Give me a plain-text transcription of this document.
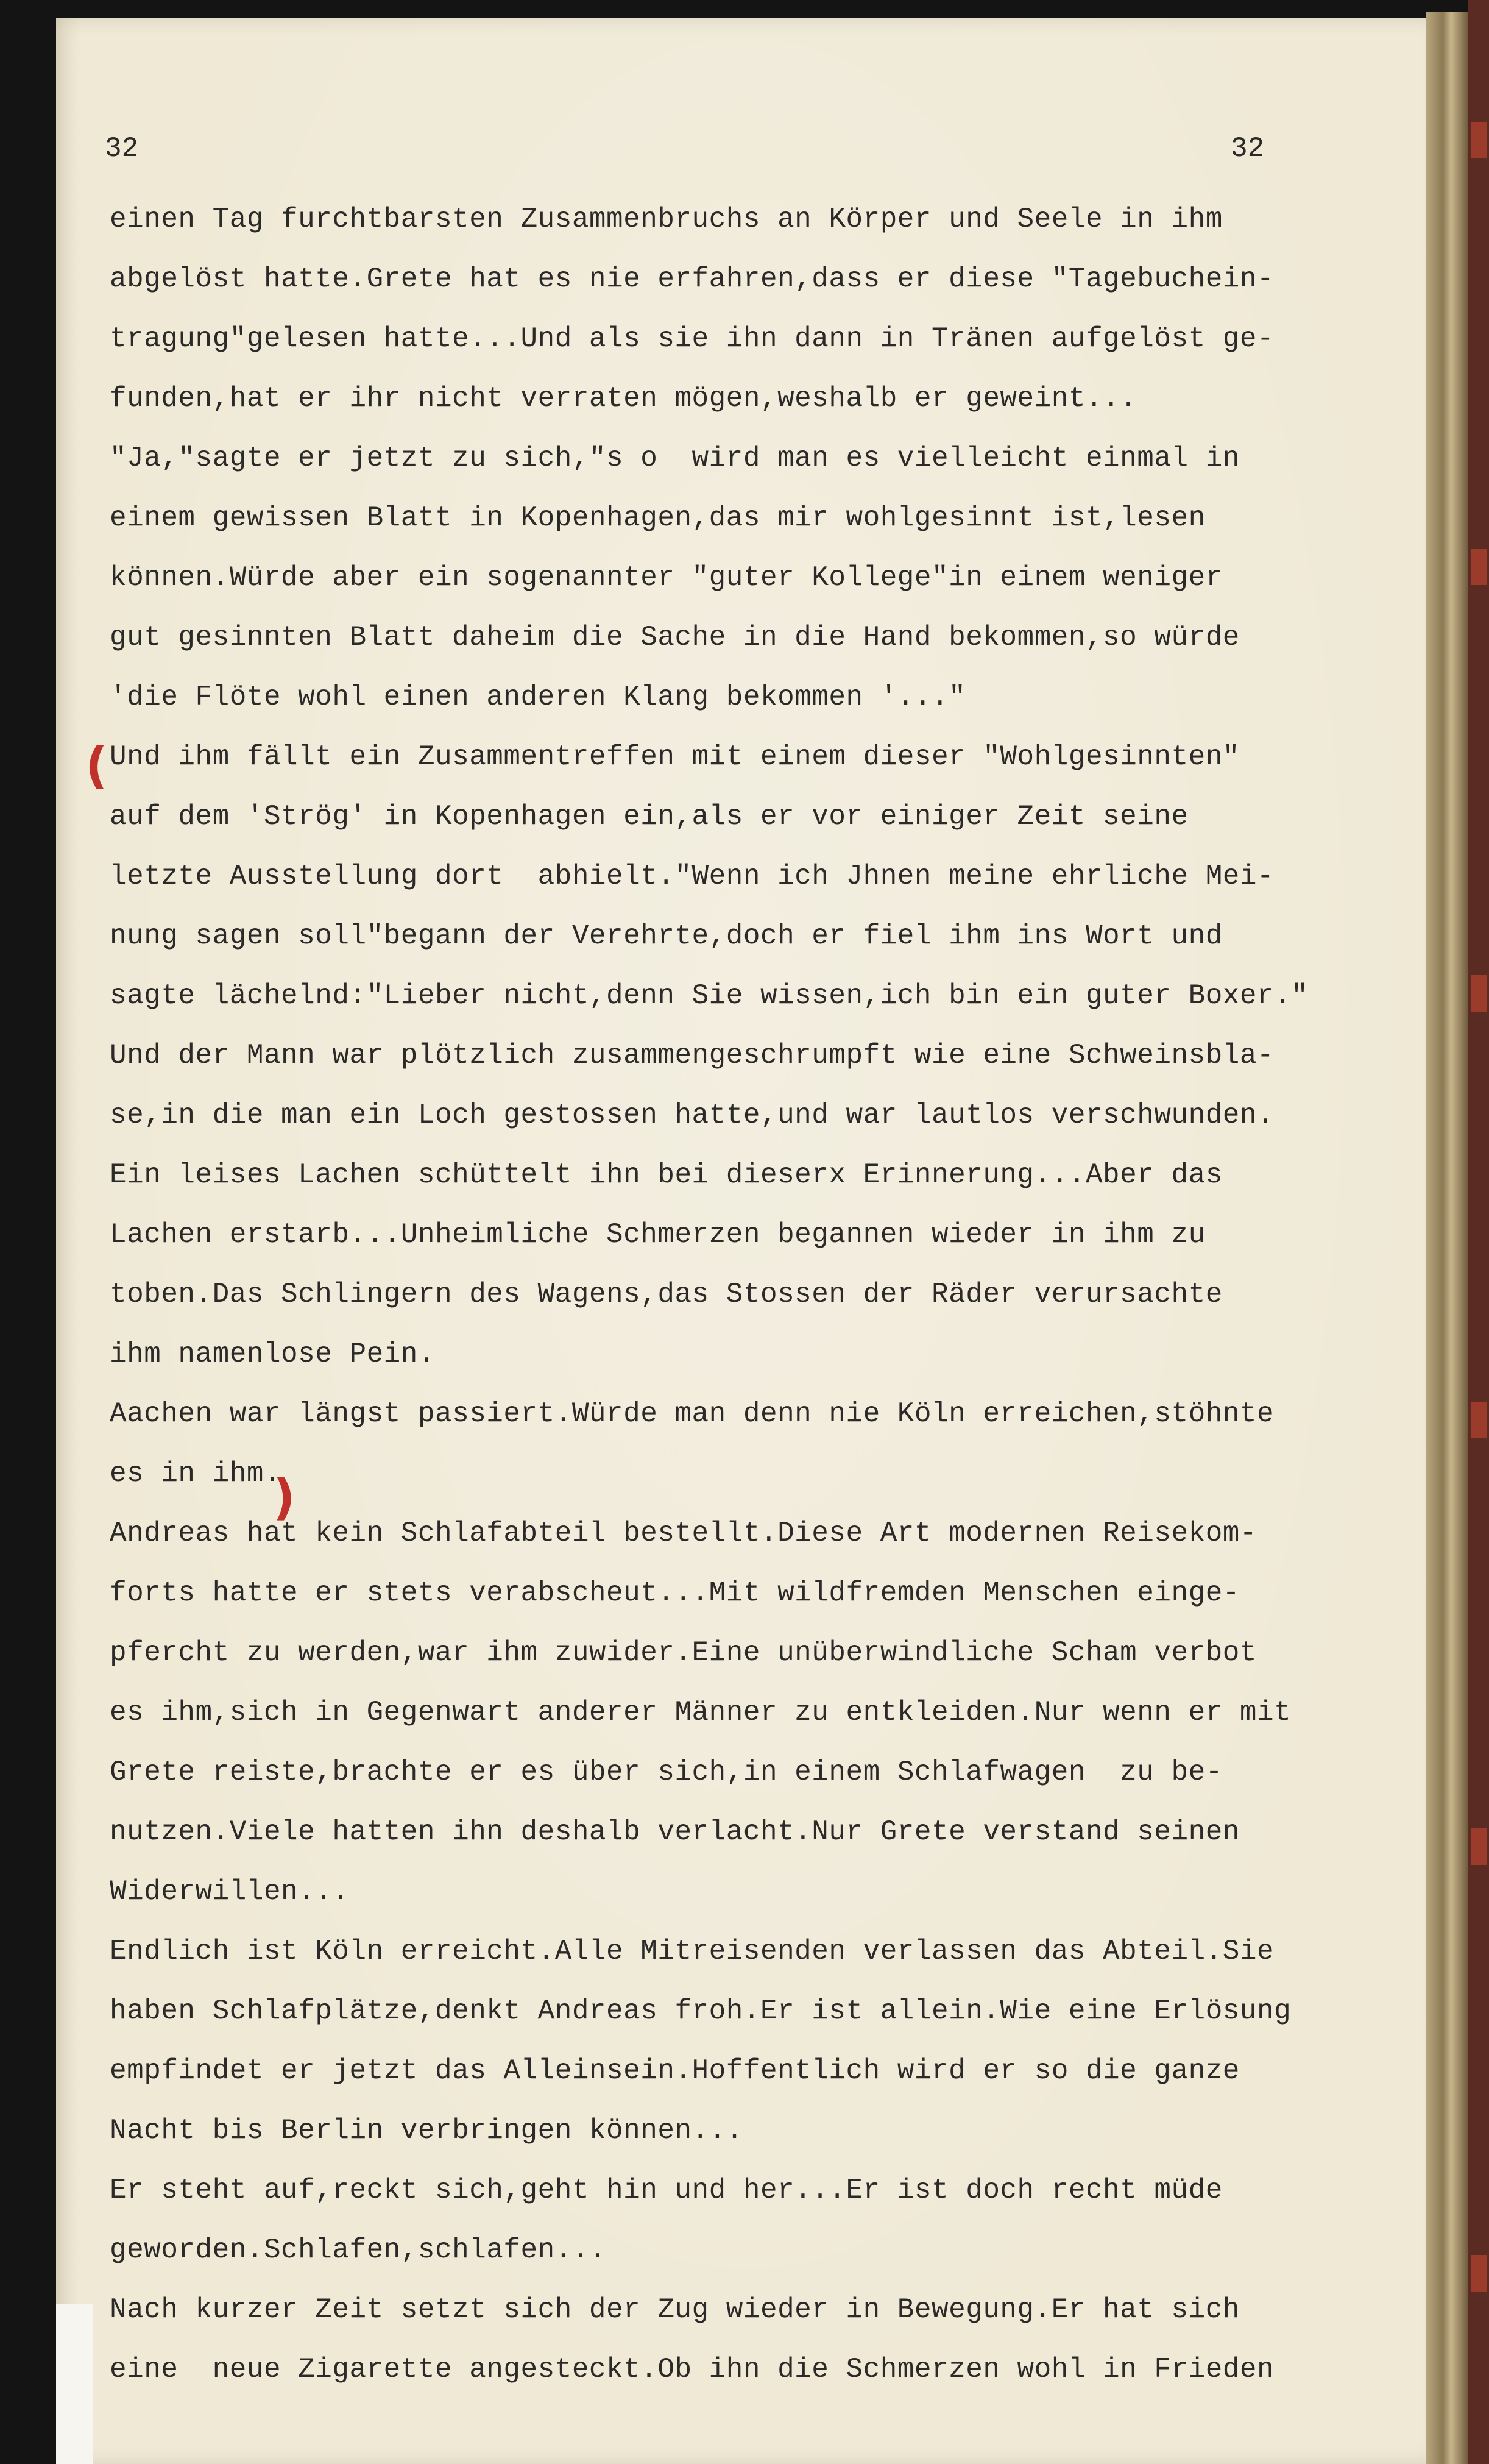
32	32
einen Tag furchtbarsten Zusammenbruchs an Körper und Seele in ihm
abgelöst hatte.Grete hat es nie erfahren,dass er diese "Tagebuchein-
tragung"gelesen hatte...Und als sie ihn dann in Tränen aufgelöst ge-
funden,hat er ihr nicht verraten mögen,weshalb er geweint...
"Ja,"sagte er jetzt zu sich,"s o  wird man es vielleicht einmal in
einem gewissen Blatt in Kopenhagen,das mir wohlgesinnt ist,lesen
können.Würde aber ein sogenannter "guter Kollege"in einem weniger
gut gesinnten Blatt daheim die Sache in die Hand bekommen,so würde
'die Flöte wohl einen anderen Klang bekommen '..."
Und ihm fällt ein Zusammentreffen mit einem dieser "Wohlgesinnten"
auf dem 'Strög' in Kopenhagen ein,als er vor einiger Zeit seine
letzte Ausstellung dort  abhielt."Wenn ich Jhnen meine ehrliche Mei-
nung sagen soll"begann der Verehrte,doch er fiel ihm ins Wort und
sagte lächelnd:"Lieber nicht,denn Sie wissen,ich bin ein guter Boxer."
Und der Mann war plötzlich zusammengeschrumpft wie eine Schweinsbla-
se,in die man ein Loch gestossen hatte,und war lautlos verschwunden.
Ein leises Lachen schüttelt ihn bei dieserx Erinnerung...Aber das
Lachen erstarb...Unheimliche Schmerzen begannen wieder in ihm zu
toben.Das Schlingern des Wagens,das Stossen der Räder verursachte
ihm namenlose Pein.
Aachen war längst passiert.Würde man denn nie Köln erreichen,stöhnte
es in ihm.
Andreas hat kein Schlafabteil bestellt.Diese Art modernen Reisekom-
forts hatte er stets verabscheut...Mit wildfremden Menschen einge-
pfercht zu werden,war ihm zuwider.Eine unüberwindliche Scham verbot
es ihm,sich in Gegenwart anderer Männer zu entkleiden.Nur wenn er mit
Grete reiste,brachte er es über sich,in einem Schlafwagen  zu be-
nutzen.Viele hatten ihn deshalb verlacht.Nur Grete verstand seinen
Widerwillen...
Endlich ist Köln erreicht.Alle Mitreisenden verlassen das Abteil.Sie
haben Schlafplätze,denkt Andreas froh.Er ist allein.Wie eine Erlösung
empfindet er jetzt das Alleinsein.Hoffentlich wird er so die ganze
Nacht bis Berlin verbringen können...
Er steht auf,reckt sich,geht hin und her...Er ist doch recht müde
geworden.Schlafen,schlafen...
Nach kurzer Zeit setzt sich der Zug wieder in Bewegung.Er hat sich
eine  neue Zigarette angesteckt.Ob ihn die Schmerzen wohl in Frieden
(
)
